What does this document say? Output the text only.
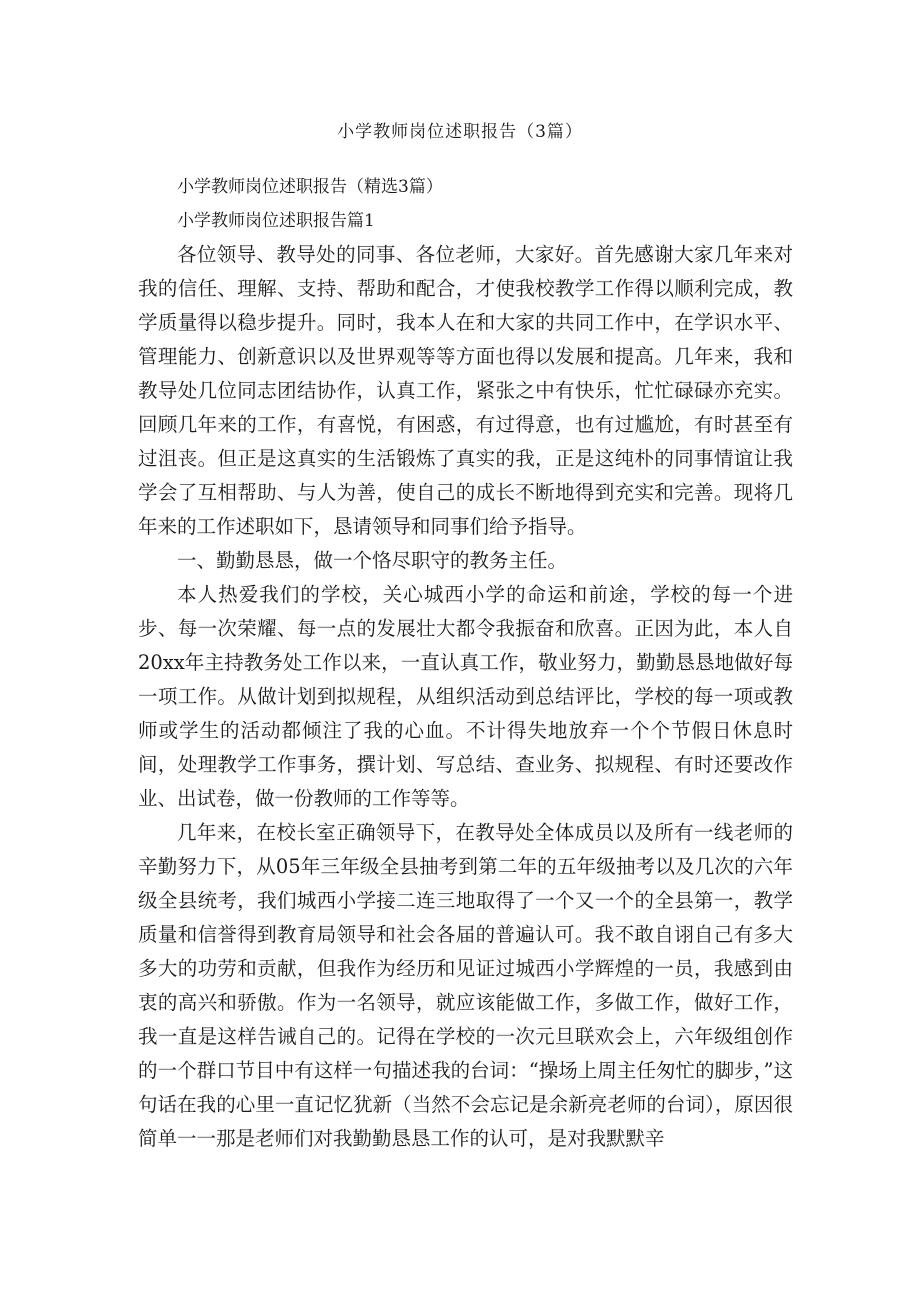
小学教师岗位述职报告（3篇）

小学教师岗位述职报告（精选3篇）

小学教师岗位述职报告篇1

各位领导、教导处的同事、各位老师，大家好。首先感谢大家几年来对我的信任、理解、支持、帮助和配合，才使我校教学工作得以顺利完成，教学质量得以稳步提升。同时，我本人在和大家的共同工作中，在学识水平、管理能力、创新意识以及世界观等等方面也得以发展和提高。几年来，我和教导处几位同志团结协作，认真工作，紧张之中有快乐，忙忙碌碌亦充实。回顾几年来的工作，有喜悦，有困惑，有过得意，也有过尴尬，有时甚至有过沮丧。但正是这真实的生活锻炼了真实的我，正是这纯朴的同事情谊让我学会了互相帮助、与人为善，使自己的成长不断地得到充实和完善。现将几年来的工作述职如下，恳请领导和同事们给予指导。

一、勤勤恳恳，做一个恪尽职守的教务主任。

本人热爱我们的学校，关心城西小学的命运和前途，学校的每一个进步、每一次荣耀、每一点的发展壮大都令我振奋和欣喜。正因为此，本人自20xx年主持教务处工作以来，一直认真工作，敬业努力，勤勤恳恳地做好每一项工作。从做计划到拟规程，从组织活动到总结评比，学校的每一项或教师或学生的活动都倾注了我的心血。不计得失地放弃一个个节假日休息时间，处理教学工作事务，撰计划、写总结、查业务、拟规程、有时还要改作业、出试卷，做一份教师的工作等等。

几年来，在校长室正确领导下，在教导处全体成员以及所有一线老师的辛勤努力下，从05年三年级全县抽考到第二年的五年级抽考以及几次的六年级全县统考，我们城西小学接二连三地取得了一个又一个的全县第一，教学质量和信誉得到教育局领导和社会各届的普遍认可。我不敢自诩自己有多大多大的功劳和贡献，但我作为经历和见证过城西小学辉煌的一员，我感到由衷的高兴和骄傲。作为一名领导，就应该能做工作，多做工作，做好工作，我一直是这样告诫自己的。记得在学校的一次元旦联欢会上，六年级组创作的一个群口节目中有这样一句描述我的台词：“操场上周主任匆忙的脚步，”这句话在我的心里一直记忆犹新（当然不会忘记是余新亮老师的台词），原因很简单一一那是老师们对我勤勤恳恳工作的认可，是对我默默辛
